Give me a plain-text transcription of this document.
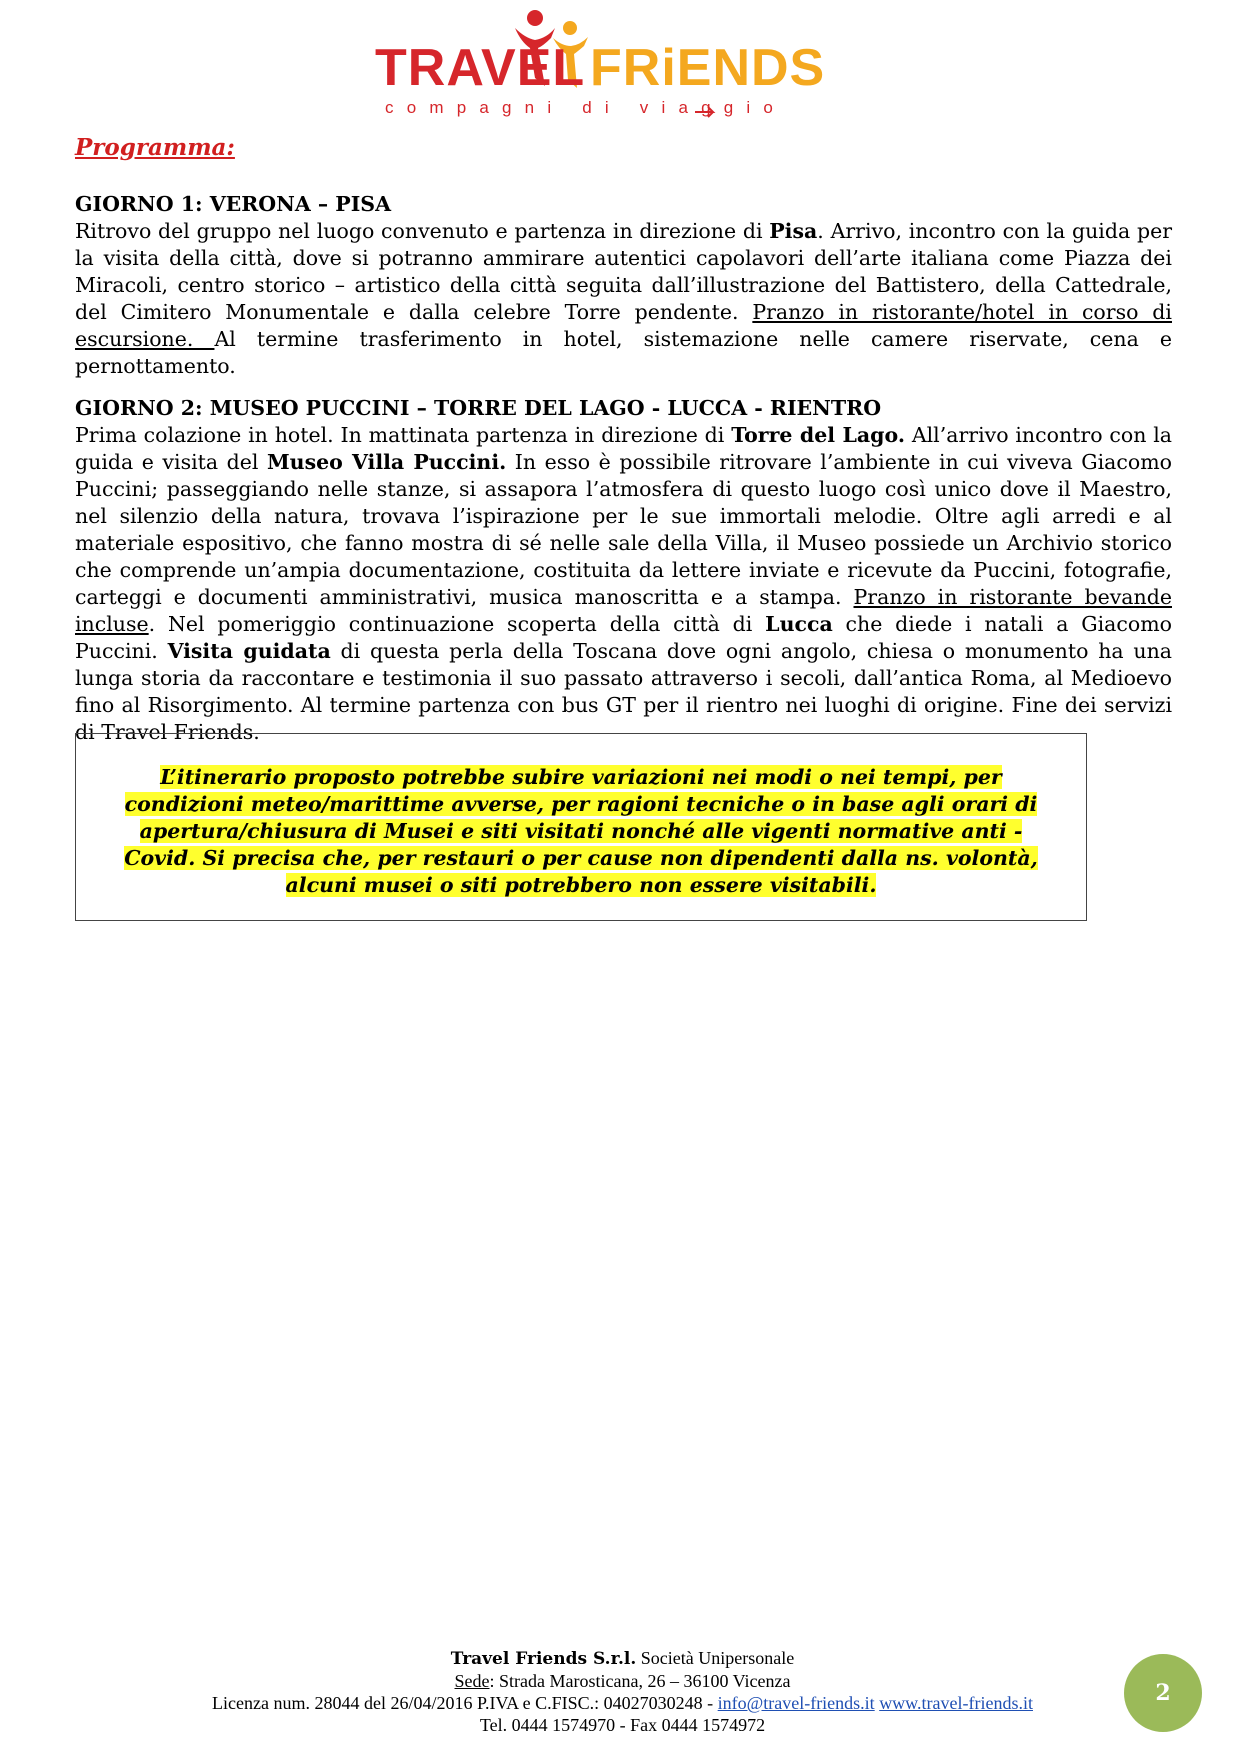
TRAVEL FRiENDS
compagni di viaggio
Programma:

GIORNO 1: VERONA – PISA

Ritrovo del gruppo nel luogo convenuto e partenza in direzione di Pisa. Arrivo, incontro con la guida per la visita della città, dove si potranno ammirare autentici capolavori dell’arte italiana come Piazza dei Miracoli, centro storico – artistico della città seguita dall’illustrazione del Battistero, della Cattedrale, del Cimitero Monumentale e dalla celebre Torre pendente. Pranzo in ristorante/hotel in corso di escursione. Al termine trasferimento in hotel, sistemazione nelle camere riservate, cena e pernottamento.

GIORNO 2: MUSEO PUCCINI – TORRE DEL LAGO - LUCCA - RIENTRO

Prima colazione in hotel. In mattinata partenza in direzione di Torre del Lago. All’arrivo incontro con la guida e visita del Museo Villa Puccini. In esso è possibile ritrovare l’ambiente in cui viveva Giacomo Puccini; passeggiando nelle stanze, si assapora l’atmosfera di questo luogo così unico dove il Maestro, nel silenzio della natura, trovava l’ispirazione per le sue immortali melodie. Oltre agli arredi e al materiale espositivo, che fanno mostra di sé nelle sale della Villa, il Museo possiede un Archivio storico che comprende un’ampia documentazione, costituita da lettere inviate e ricevute da Puccini, fotografie, carteggi e documenti amministrativi, musica manoscritta e a stampa. Pranzo in ristorante bevande incluse. Nel pomeriggio continuazione scoperta della città di Lucca che diede i natali a Giacomo Puccini. Visita guidata di questa perla della Toscana dove ogni angolo, chiesa o monumento ha una lunga storia da raccontare e testimonia il suo passato attraverso i secoli, dall’antica Roma, al Medioevo fino al Risorgimento. Al termine partenza con bus GT per il rientro nei luoghi di origine. Fine dei servizi di Travel Friends.

L’itinerario proposto potrebbe subire variazioni nei modi o nei tempi, per condizioni meteo/marittime avverse, per ragioni tecniche o in base agli orari di apertura/chiusura di Musei e siti visitati nonché alle vigenti normative anti - Covid. Si precisa che, per restauri o per cause non dipendenti dalla ns. volontà, alcuni musei o siti potrebbero non essere visitabili.

Travel Friends S.r.l. Società Unipersonale
Sede: Strada Marosticana, 26 – 36100 Vicenza
Licenza num. 28044 del 26/04/2016 P.IVA e C.FISC.: 04027030248 - info@travel-friends.it www.travel-friends.it
Tel. 0444 1574970 - Fax 0444 1574972
2
